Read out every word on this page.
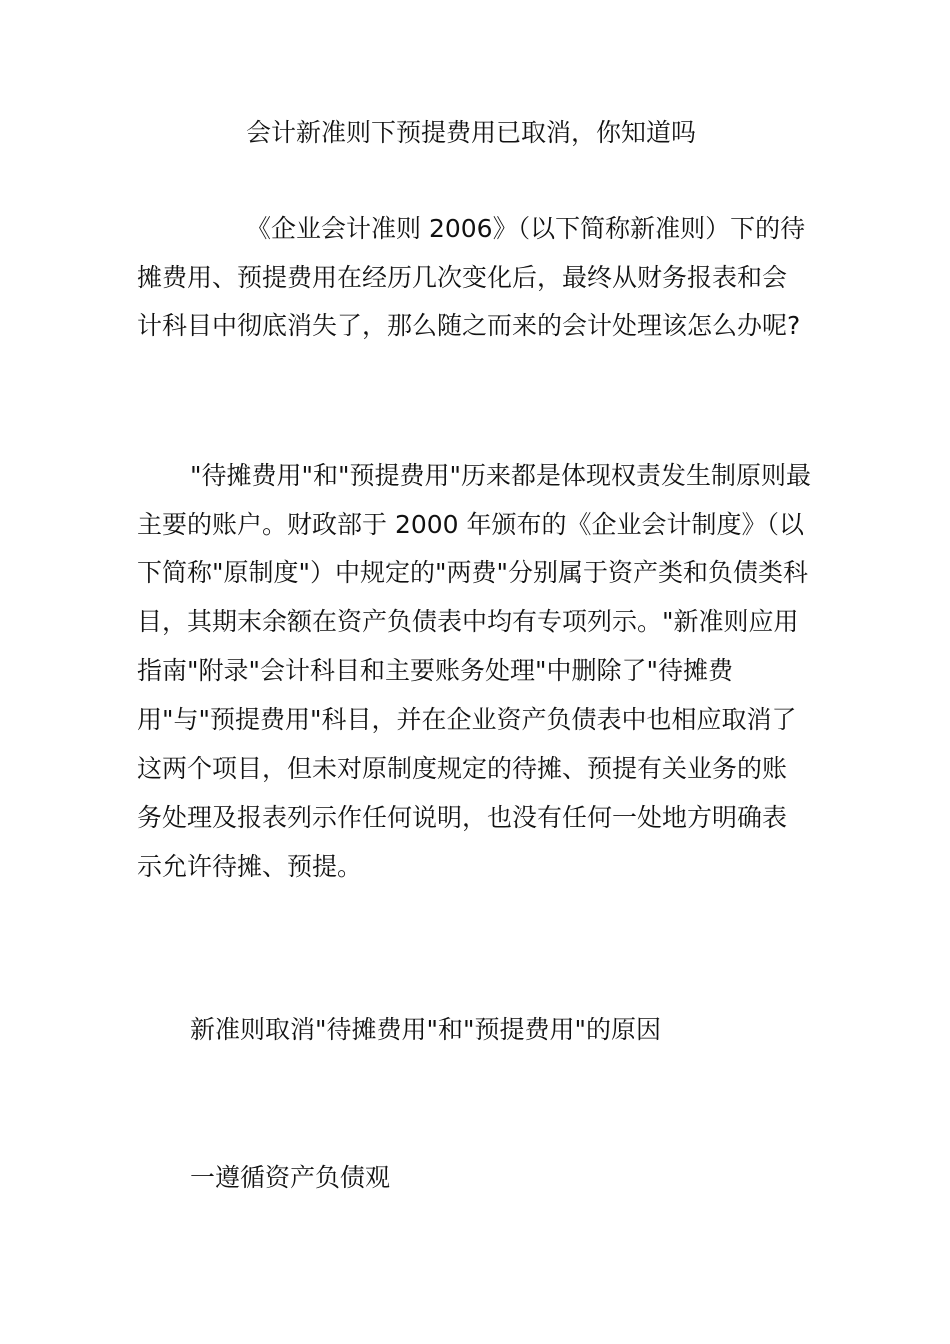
会计新准则下预提费用已取消，你知道吗

《企业会计准则 2006》（以下简称新准则）下的待

摊费用、预提费用在经历几次变化后，最终从财务报表和会

计科目中彻底消失了，那么随之而来的会计处理该怎么办呢?

"待摊费用"和"预提费用"历来都是体现权责发生制原则最

主要的账户。财政部于 2000 年颁布的《企业会计制度》（以

下简称"原制度"）中规定的"两费"分别属于资产类和负债类科

目，其期末余额在资产负债表中均有专项列示。"新准则应用

指南"附录"会计科目和主要账务处理"中删除了"待摊费

用"与"预提费用"科目，并在企业资产负债表中也相应取消了

这两个项目，但未对原制度规定的待摊、预提有关业务的账

务处理及报表列示作任何说明，也没有任何一处地方明确表

示允许待摊、预提。

新准则取消"待摊费用"和"预提费用"的原因
一遵循资产负债观
